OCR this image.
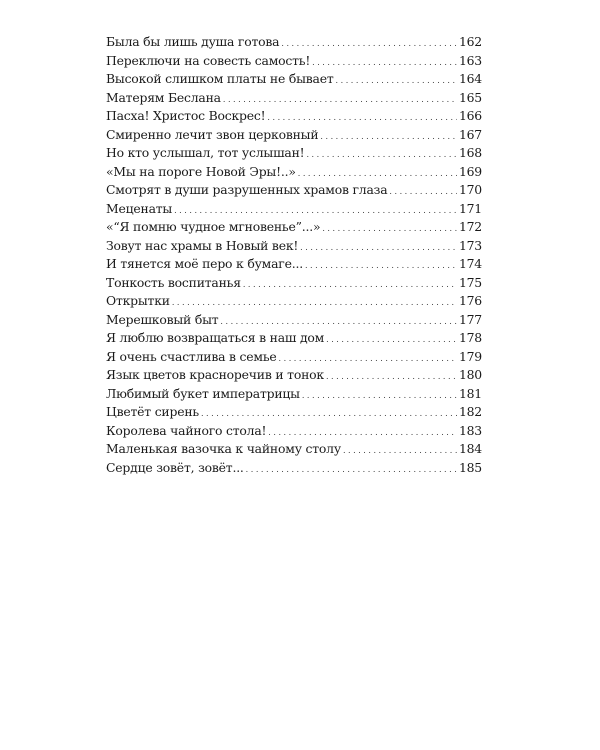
Была бы лишь душа готова . . .	162
Переключи на совесть самость! . . .	163
Высокой слишком платы не бывает . . .	164
Матерям Беслана . . .	165
Пасха! Христос Воскрес! . . .	166
Смиренно лечит звон церковный . . .	167
Но кто услышал, тот услышан! . . .	168
«Мы на пороге Новой Эры!..» . . .	169
Смотрят в души разрушенных храмов глаза . . .	170
Меценаты . . .	171
«“Я помню чудное мгновенье”...» . . .	172
Зовут нас храмы в Новый век! . . .	173
И тянется моё перо к бумаге... . . .	174
Тонкость воспитанья . . .	175
Открытки . . .	176
Мерешковый быт . . .	177
Я люблю возвращаться в наш дом . . .	178
Я очень счастлива в семье . . .	179
Язык цветов красноречив и тонок . . .	180
Любимый букет императрицы . . .	181
Цветёт сирень . . .	182
Королева чайного стола! . . .	183
Маленькая вазочка к чайному столу . . .	184
Сердце зовёт, зовёт... . . .	185
